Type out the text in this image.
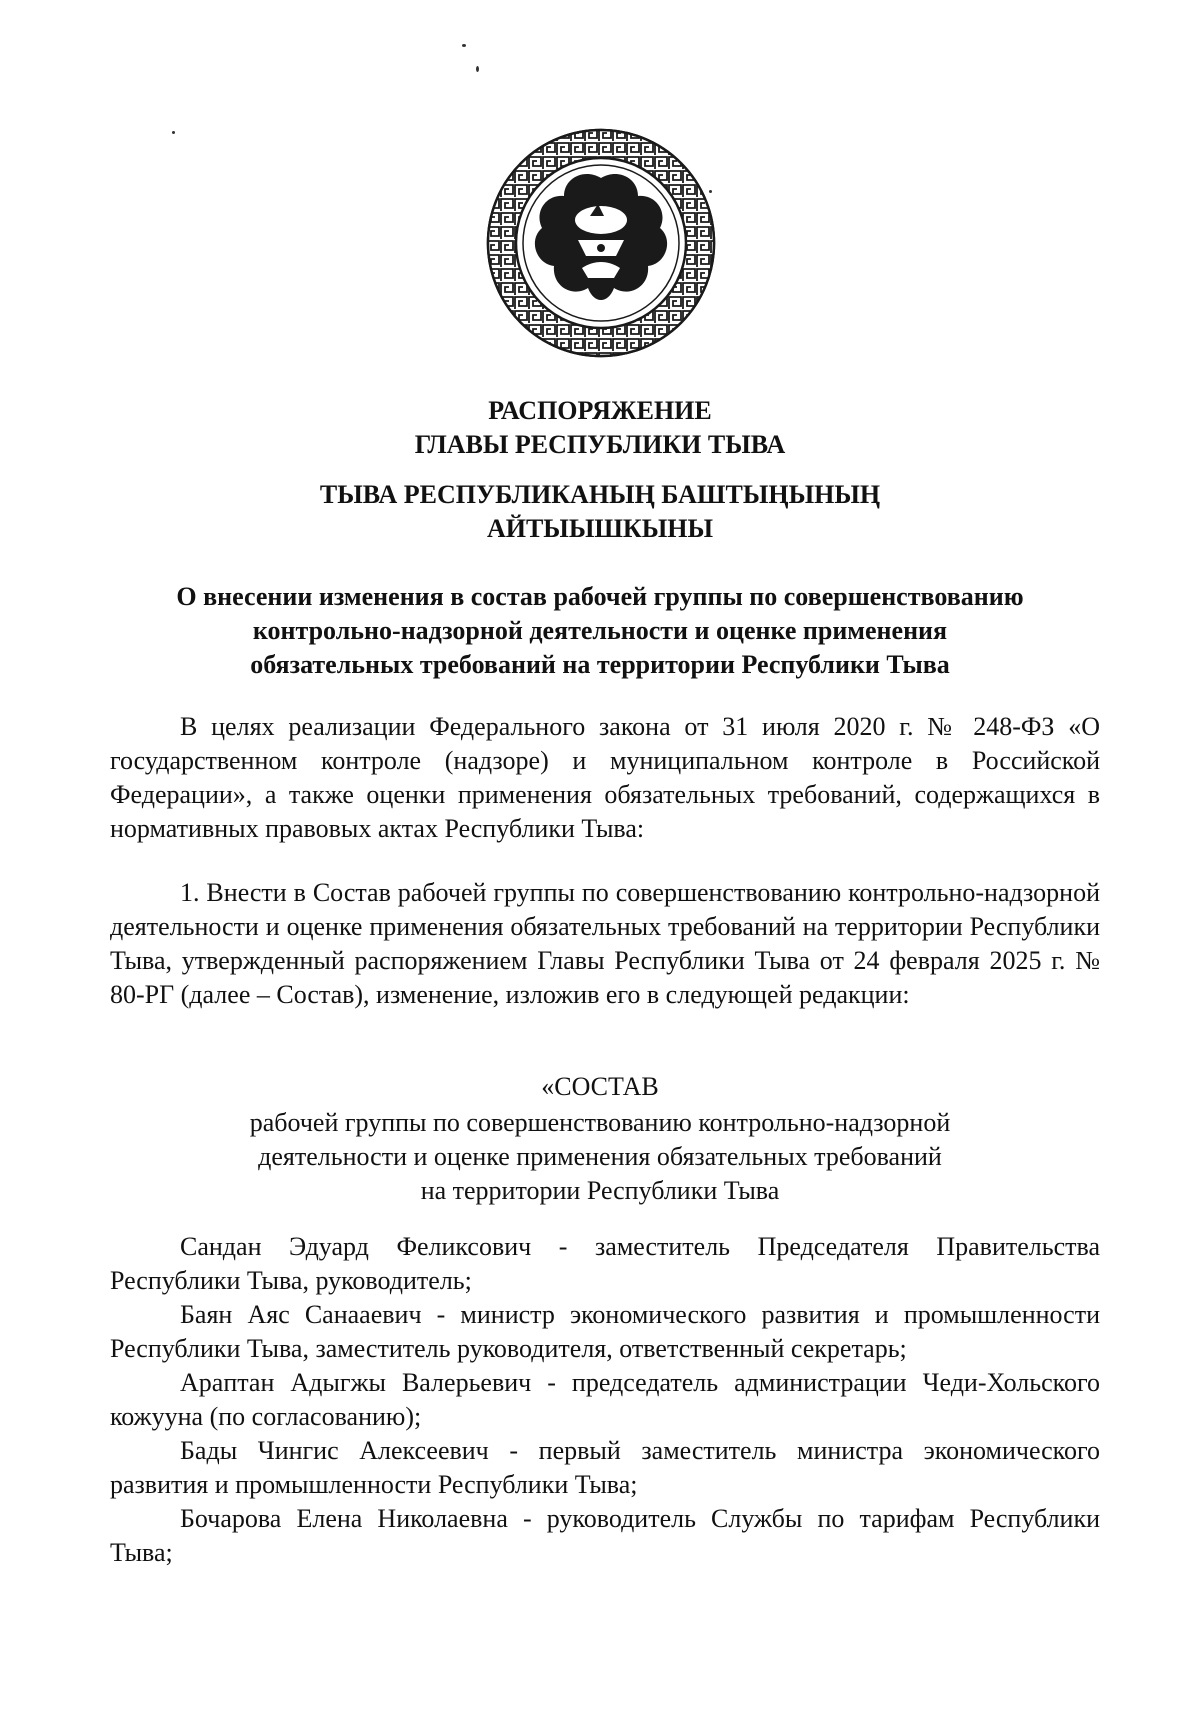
РАСПОРЯЖЕНИЕ
ГЛАВЫ РЕСПУБЛИКИ ТЫВА
ТЫВА РЕСПУБЛИКАНЫҢ БАШТЫҢЫНЫҢ
АЙТЫЫШКЫНЫ
О внесении изменения в состав рабочей группы по совершенствованию
контрольно-надзорной деятельности и оценке применения
обязательных требований на территории Республики Тыва
В целях реализации Федерального закона от 31 июля 2020 г. № 248-ФЗ «О государственном контроле (надзоре) и муниципальном контроле в Российской Федерации», а также оценки применения обязательных требований, содержащихся в нормативных правовых актах Республики Тыва:
1. Внести в Состав рабочей группы по совершенствованию контрольно-надзорной деятельности и оценке применения обязательных требований на территории Республики Тыва, утвержденный распоряжением Главы Республики Тыва от 24 февраля 2025 г. № 80-РГ (далее – Состав), изменение, изложив его в следующей редакции:
«СОСТАВ
рабочей группы по совершенствованию контрольно-надзорной
деятельности и оценке применения обязательных требований
на территории Республики Тыва
Сандан Эдуард Феликсович - заместитель Председателя Правительства Республики Тыва, руководитель;
Баян Аяс Санаaевич - министр экономического развития и промышленности Республики Тыва, заместитель руководителя, ответственный секретарь;
Арaптан Адыгжы Валерьевич - председатель администрации Чеди-Хольского кожууна (по согласованию);
Бады Чингис Алексеевич - первый заместитель министра экономического развития и промышленности Республики Тыва;
Бочарова Елена Николаевна - руководитель Службы по тарифам Республики Тыва;
